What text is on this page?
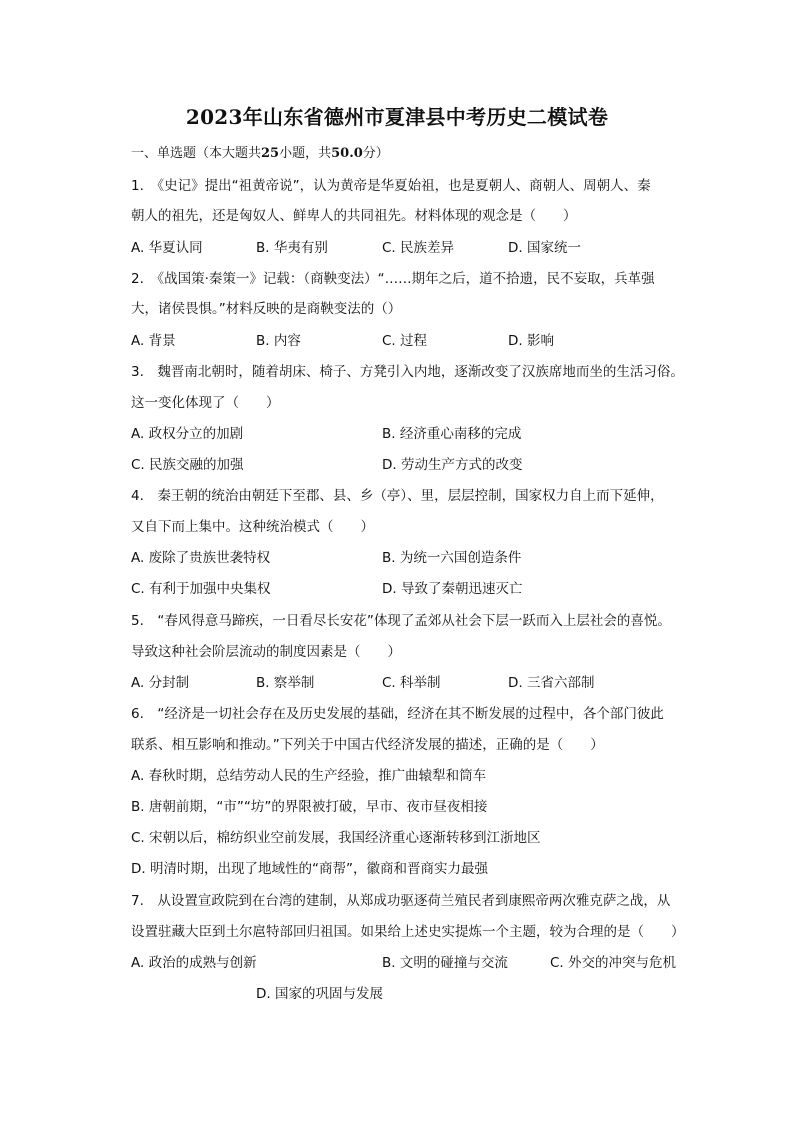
2023年山东省德州市夏津县中考历史二模试卷
一、单选题（本大题共25小题，共50.0分）
1.　《史记》提出“祖黄帝说”，认为黄帝是华夏始祖，也是夏朝人、商朝人、周朝人、秦
朝人的祖先，还是匈奴人、鲜卑人的共同祖先。材料体现的观念是（　　）
A. 华夏认同	B. 华夷有别	C. 民族差异	D. 国家统一
2.　《战国策·秦策一》记载：（商鞅变法）“……期年之后，道不拾遗，民不妄取，兵革强
大，诸侯畏惧。”材料反映的是商鞅变法的（）
A. 背景	B. 内容	C. 过程	D. 影响
3.　魏晋南北朝时，随着胡床、椅子、方凳引入内地，逐渐改变了汉族席地而坐的生活习俗。
这一变化体现了（　　）
A. 政权分立的加剧	B. 经济重心南移的完成
C. 民族交融的加强	D. 劳动生产方式的改变
4.　秦王朝的统治由朝廷下至郡、县、乡（亭）、里，层层控制，国家权力自上而下延伸，
又自下而上集中。这种统治模式（　　）
A. 废除了贵族世袭特权	B. 为统一六国创造条件
C. 有利于加强中央集权	D. 导致了秦朝迅速灭亡
5.　“春风得意马蹄疾，一日看尽长安花”体现了孟郊从社会下层一跃而入上层社会的喜悦。
导致这种社会阶层流动的制度因素是（　　）
A. 分封制	B. 察举制	C. 科举制	D. 三省六部制
6.　“经济是一切社会存在及历史发展的基础，经济在其不断发展的过程中，各个部门彼此
联系、相互影响和推动。”下列关于中国古代经济发展的描述，正确的是（　　）
A. 春秋时期，总结劳动人民的生产经验，推广曲辕犁和筒车
B. 唐朝前期，“市”“坊”的界限被打破，早市、夜市昼夜相接
C. 宋朝以后，棉纺织业空前发展，我国经济重心逐渐转移到江浙地区
D. 明清时期，出现了地域性的“商帮”，徽商和晋商实力最强
7.　从设置宣政院到在台湾的建制，从郑成功驱逐荷兰殖民者到康熙帝两次雅克萨之战，从
设置驻藏大臣到土尔扈特部回归祖国。如果给上述史实提炼一个主题，较为合理的是（　　）
A. 政治的成熟与创新	B. 文明的碰撞与交流	C. 外交的冲突与危机
D. 国家的巩固与发展
